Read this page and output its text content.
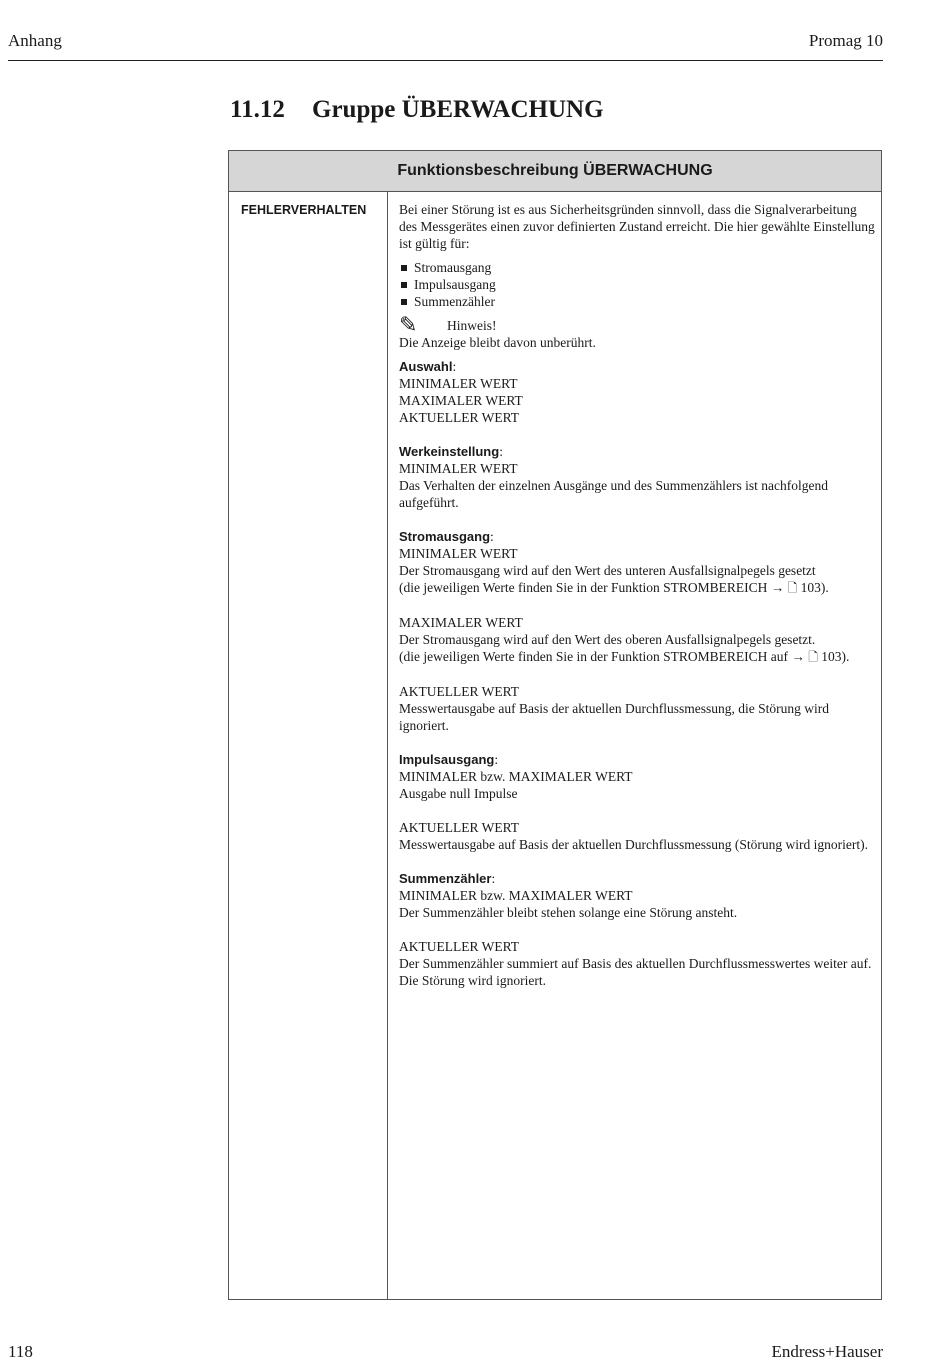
Anhang	Promag 10
11.12 Gruppe ÜBERWACHUNG
Funktionsbeschreibung ÜBERWACHUNG
FEHLERVERHALTEN Bei einer Störung ist es aus Sicherheitsgründen sinnvoll, dass die Signalverarbeitung des Messgerätes einen zuvor definierten Zustand erreicht. Die hier gewählte Einstellung ist gültig für:

Stromausgang
Impulsausgang
Summenzähler
✎	Hinweis!

Die Anzeige bleibt davon unberührt.

Auswahl:

MINIMALER WERT

MAXIMALER WERT

AKTUELLER WERT

Werkeinstellung:

MINIMALER WERT

Das Verhalten der einzelnen Ausgänge und des Summenzählers ist nachfolgend aufgeführt.

Stromausgang:

MINIMALER WERT

Der Stromausgang wird auf den Wert des unteren Ausfallsignalpegels gesetzt

(die jeweiligen Werte finden Sie in der Funktion STROMBEREICH → 🗋 103).

MAXIMALER WERT

Der Stromausgang wird auf den Wert des oberen Ausfallsignalpegels gesetzt.

(die jeweiligen Werte finden Sie in der Funktion STROMBEREICH auf → 🗋 103).

AKTUELLER WERT

Messwertausgabe auf Basis der aktuellen Durchflussmessung, die Störung wird ignoriert.

Impulsausgang:

MINIMALER bzw. MAXIMALER WERT

Ausgabe null Impulse

AKTUELLER WERT

Messwertausgabe auf Basis der aktuellen Durchflussmessung (Störung wird ignoriert).

Summenzähler:

MINIMALER bzw. MAXIMALER WERT

Der Summenzähler bleibt stehen solange eine Störung ansteht.

AKTUELLER WERT

Der Summenzähler summiert auf Basis des aktuellen Durchflussmesswertes weiter auf.

Die Störung wird ignoriert.

118	Endress+Hauser
